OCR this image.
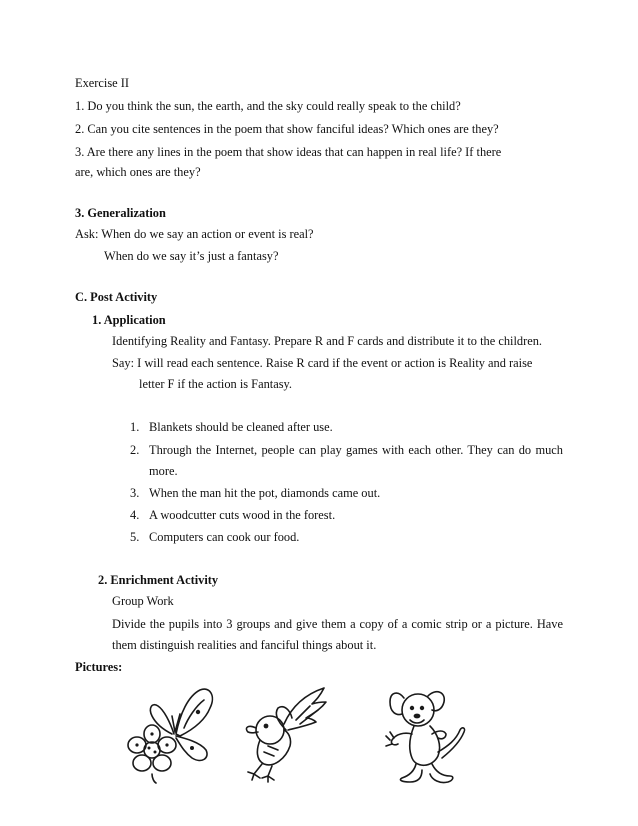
Exercise II
1. Do you think the sun, the earth, and the sky could really speak to the child?
2. Can you cite sentences in the poem that show fanciful ideas? Which ones are they?
3. Are there any lines in the poem that show ideas that can happen in real life? If there
are, which ones are they?
3. Generalization
Ask: When do we say an action or event is real?
When do we say it’s just a fantasy?
C. Post Activity
1. Application
Identifying Reality and Fantasy. Prepare R and F cards and distribute it to the children.
Say: I will read each sentence. Raise R card if the event or action is Reality and raise
letter F if the action is Fantasy.
1. Blankets should be cleaned after use.
2. Through the Internet, people can play games with each other. They can do much
more.
3. When the man hit the pot, diamonds came out.
4. A woodcutter cuts wood in the forest.
5. Computers can cook our food.
2. Enrichment Activity
Group Work
Divide the pupils into 3 groups and give them a copy of a comic strip or a picture. Have
them distinguish realities and fanciful things about it.
Pictures:
